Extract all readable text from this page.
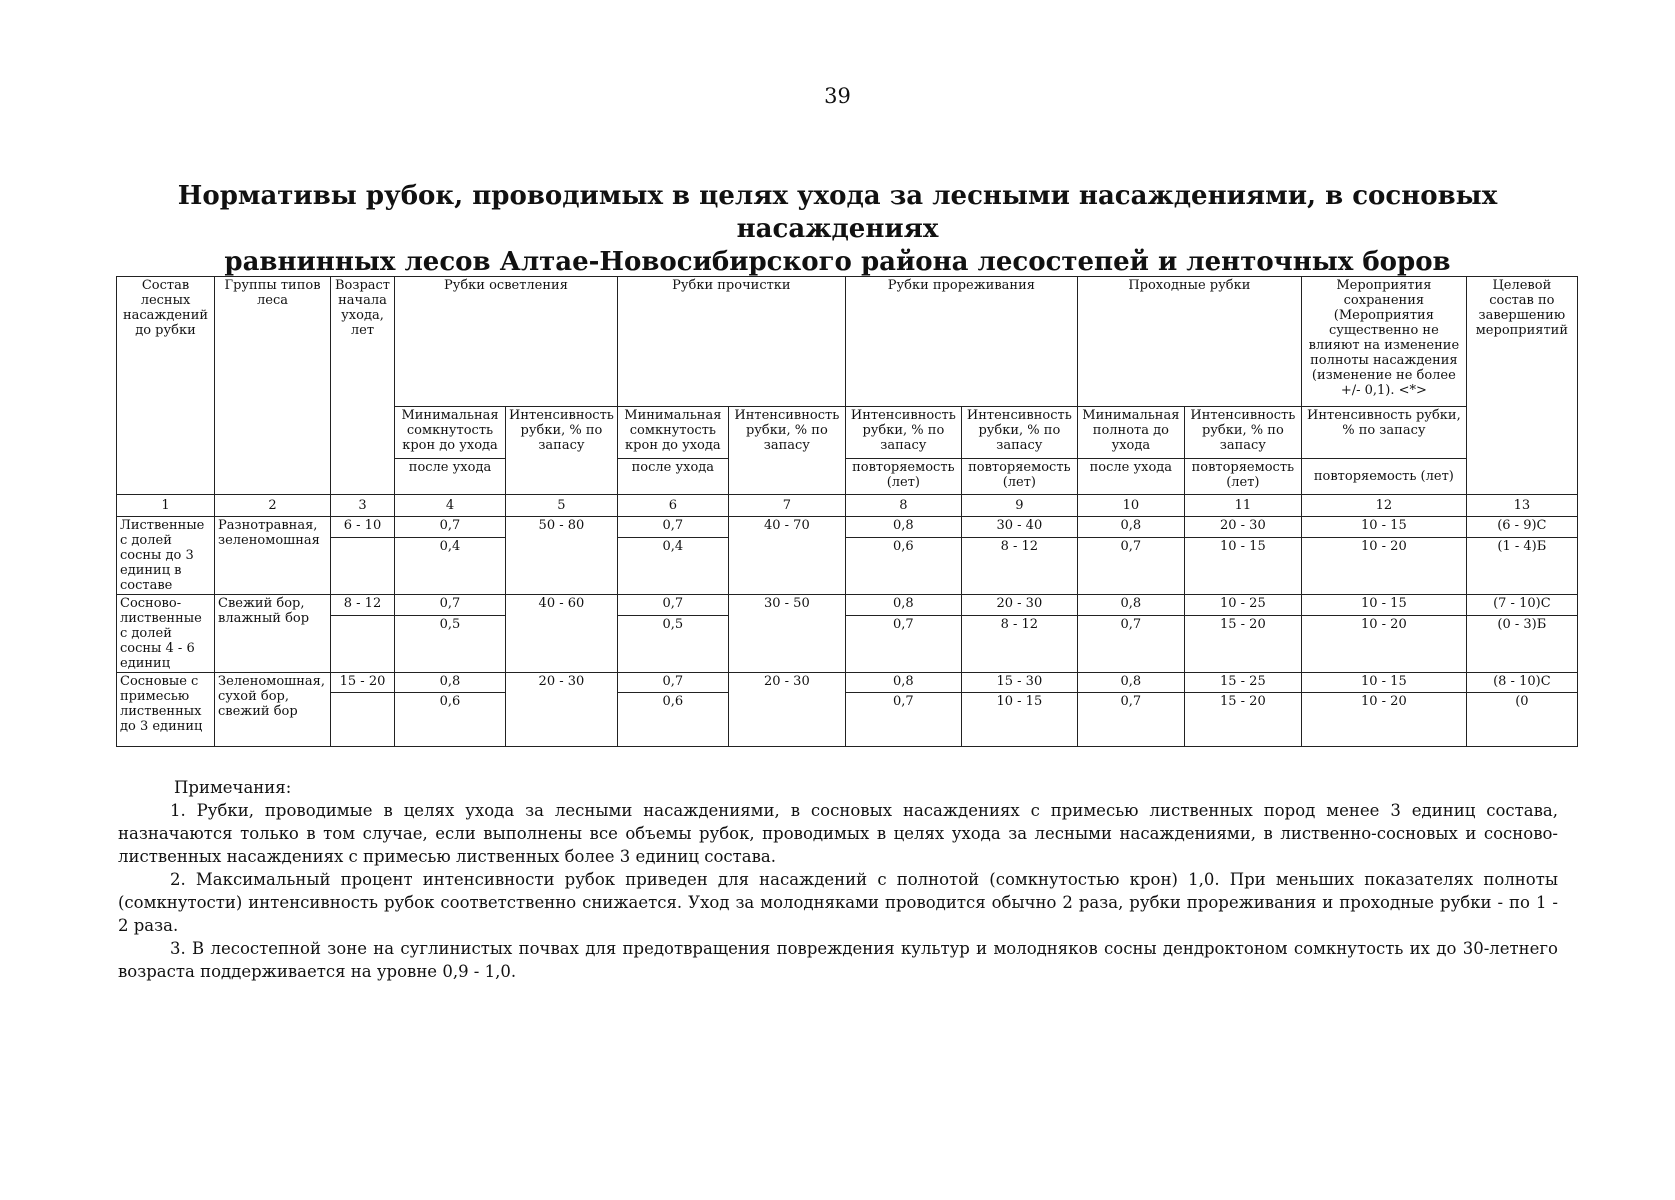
39
Нормативы рубок, проводимых в целях ухода за лесными насаждениями, в сосновых насаждениях
равнинных лесов Алтае-Новосибирского района лесостепей и ленточных боров
Состав лесных насаждений до рубки	Группы типов леса	Возраст начала ухода, лет	Рубки осветления		Рубки прочистки		Рубки прореживания		Проходные рубки		Мероприятия сохранения (Мероприятия существенно не влияют на изменение полноты насаждения (изменение не более +/- 0,1). <*>	Целевой состав по завершению мероприятий
			Минимальная сомкнутость крон до ухода	Интенсивность рубки, % по запасу	Минимальная сомкнутость крон до ухода	Интенсивность рубки, % по запасу	Интенсивность рубки, % по запасу	Интенсивность рубки, % по запасу	Минимальная полнота до ухода	Интенсивность рубки, % по запасу	Интенсивность рубки, % по запасу	
			после ухода		после ухода		повторяемость (лет)	повторяемость (лет)	после ухода	повторяемость (лет)	повторяемость (лет)	
1	2	3	4	5	6	7	8	9	10	11	12	13
Лиственные с долей сосны до 3 единиц в составе	Разнотравная, зеленомошная	6 - 10	0,7	50 - 80	0,7	40 - 70	0,8	30 - 40	0,8	20 - 30	10 - 15	(6 - 9)С
			0,4		0,4		0,6	8 - 12	0,7	10 - 15	10 - 20	(1 - 4)Б
Сосново-лиственные с долей сосны 4 - 6 единиц	Свежий бор, влажный бор	8 - 12	0,7	40 - 60	0,7	30 - 50	0,8	20 - 30	0,8	10 - 25	10 - 15	(7 - 10)С
			0,5		0,5		0,7	8 - 12	0,7	15 - 20	10 - 20	(0 - 3)Б
Сосновые с примесью лиственных до 3 единиц	Зеленомошная, сухой бор, свежий бор	15 - 20	0,8	20 - 30	0,7	20 - 30	0,8	15 - 30	0,8	15 - 25	10 - 15	(8 - 10)С
			0,6		0,6		0,7	10 - 15	0,7	15 - 20	10 - 20	(0

Примечания:

1. Рубки, проводимые в целях ухода за лесными насаждениями, в сосновых насаждениях с примесью лиственных пород менее 3 единиц состава, назначаются только в том случае, если выполнены все объемы рубок, проводимых в целях ухода за лесными насаждениями, в лиственно-сосновых и сосново-лиственных насаждениях с примесью лиственных более 3 единиц состава.

2. Максимальный процент интенсивности рубок приведен для насаждений с полнотой (сомкнутостью крон) 1,0. При меньших показателях полноты (сомкнутости) интенсивность рубок соответственно снижается. Уход за молодняками проводится обычно 2 раза, рубки прореживания и проходные рубки - по 1 - 2 раза.

3. В лесостепной зоне на суглинистых почвах для предотвращения повреждения культур и молодняков сосны дендроктоном сомкнутость их до 30-летнего возраста поддерживается на уровне 0,9 - 1,0.
